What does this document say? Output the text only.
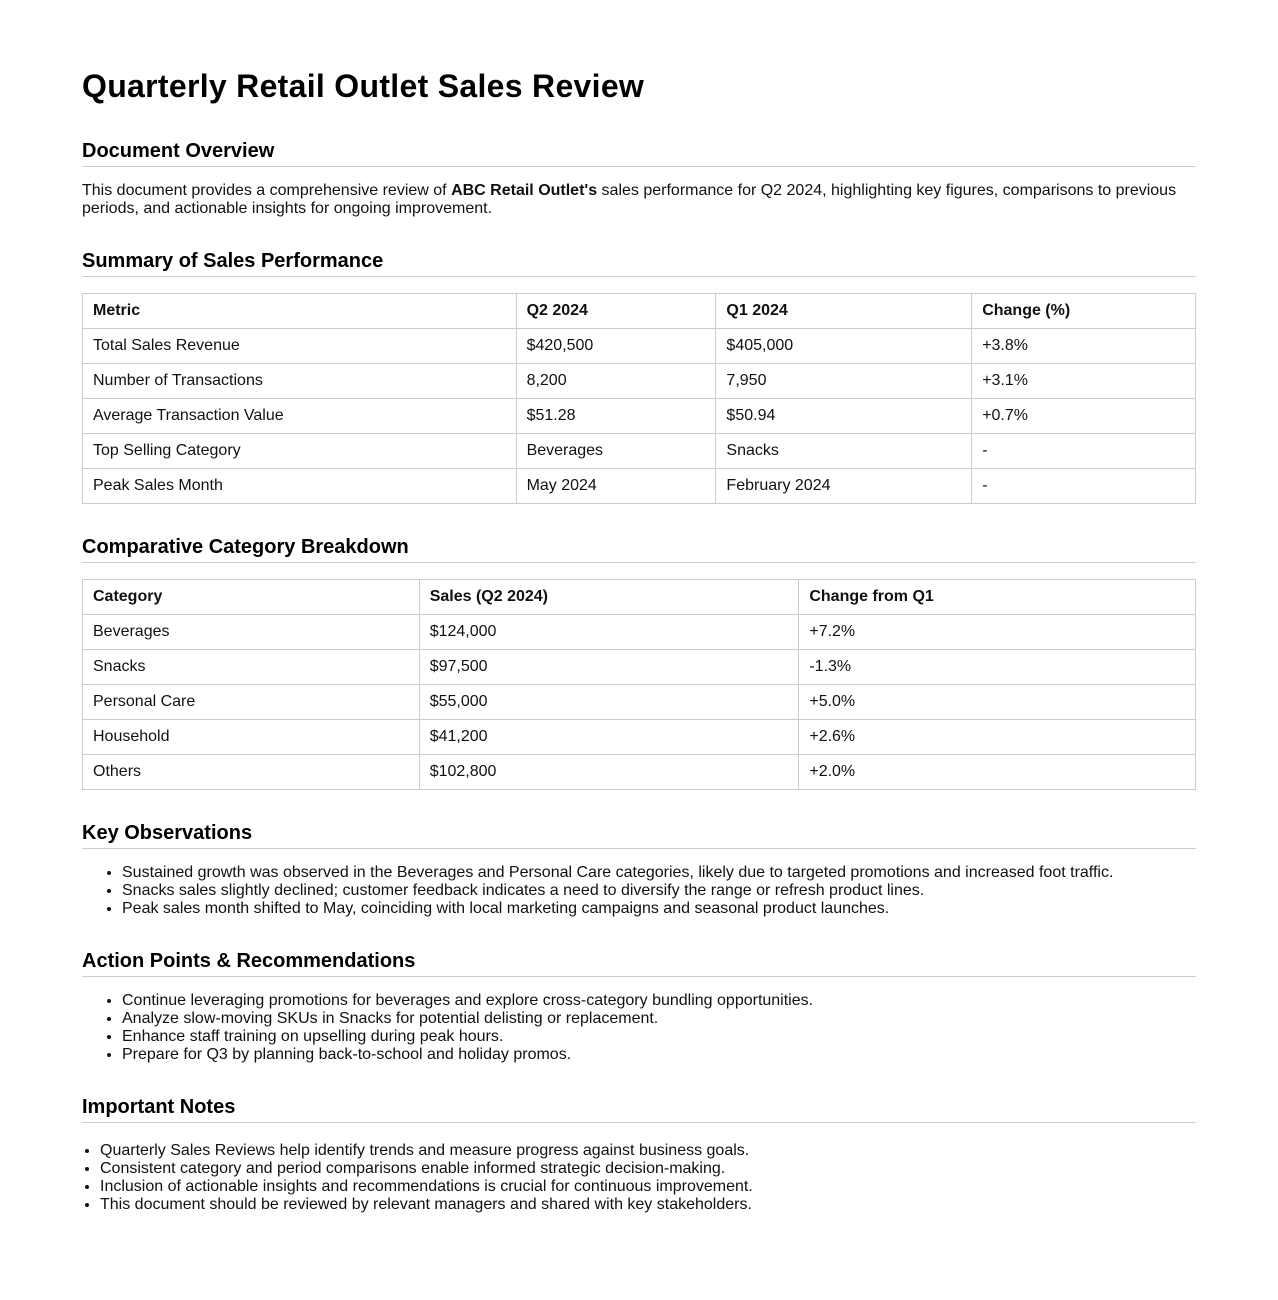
Quarterly Retail Outlet Sales Review
Document Overview

This document provides a comprehensive review of ABC Retail Outlet's sales performance for Q2 2024, highlighting key figures, comparisons to previous periods, and actionable insights for ongoing improvement.

Summary of Sales Performance
Metric	Q2 2024	Q1 2024	Change (%)
Total Sales Revenue	$420,500	$405,000	+3.8%
Number of Transactions	8,200	7,950	+3.1%
Average Transaction Value	$51.28	$50.94	+0.7%
Top Selling Category	Beverages	Snacks	-
Peak Sales Month	May 2024	February 2024	-
Comparative Category Breakdown
Category	Sales (Q2 2024)	Change from Q1
Beverages	$124,000	+7.2%
Snacks	$97,500	-1.3%
Personal Care	$55,000	+5.0%
Household	$41,200	+2.6%
Others	$102,800	+2.0%
Key Observations
• Sustained growth was observed in the Beverages and Personal Care categories, likely due to targeted promotions and increased foot traffic.
• Snacks sales slightly declined; customer feedback indicates a need to diversify the range or refresh product lines.
• Peak sales month shifted to May, coinciding with local marketing campaigns and seasonal product launches.
Action Points & Recommendations
• Continue leveraging promotions for beverages and explore cross-category bundling opportunities.
• Analyze slow-moving SKUs in Snacks for potential delisting or replacement.
• Enhance staff training on upselling during peak hours.
• Prepare for Q3 by planning back-to-school and holiday promos.
Important Notes
• Quarterly Sales Reviews help identify trends and measure progress against business goals.
• Consistent category and period comparisons enable informed strategic decision-making.
• Inclusion of actionable insights and recommendations is crucial for continuous improvement.
• This document should be reviewed by relevant managers and shared with key stakeholders.
